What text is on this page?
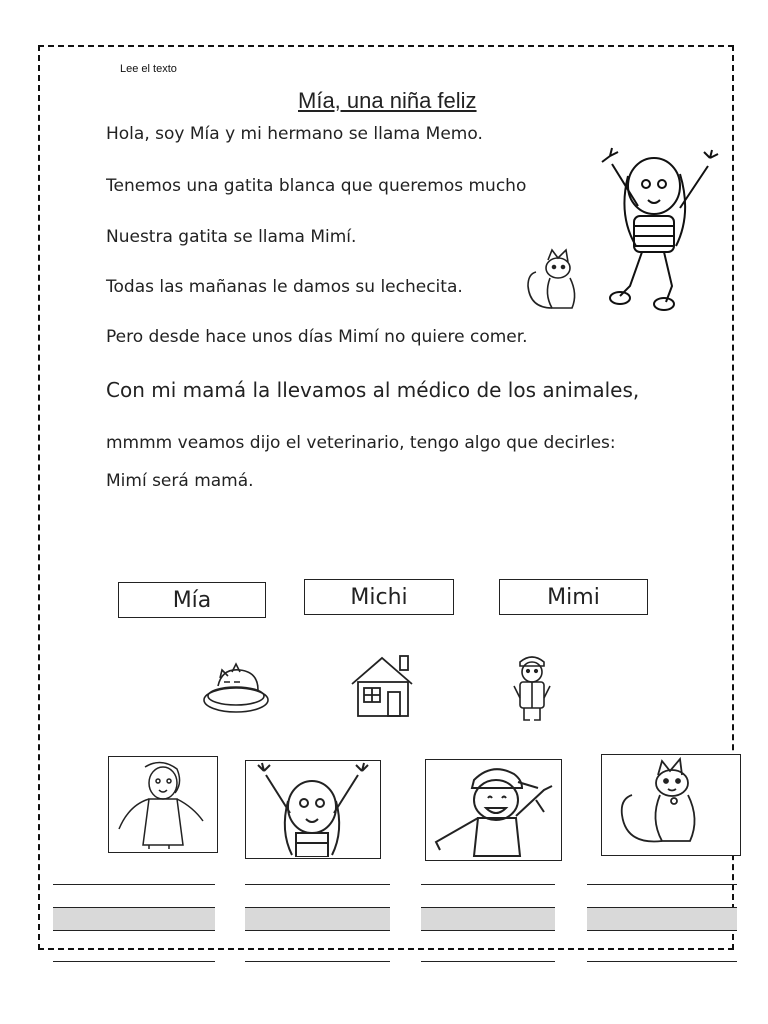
Lee el texto
Mía, una niña feliz
Hola, soy Mía y mi hermano se llama Memo.
Tenemos una gatita blanca que queremos mucho
Nuestra gatita se llama Mimí.
Todas las mañanas le damos su lechecita.
Pero desde hace unos días Mimí no quiere comer.
Con mi mamá la llevamos al médico de los animales,
mmmm veamos dijo el veterinario, tengo algo que decirles:
Mimí será mamá.
Mía	Michi	Mimi
